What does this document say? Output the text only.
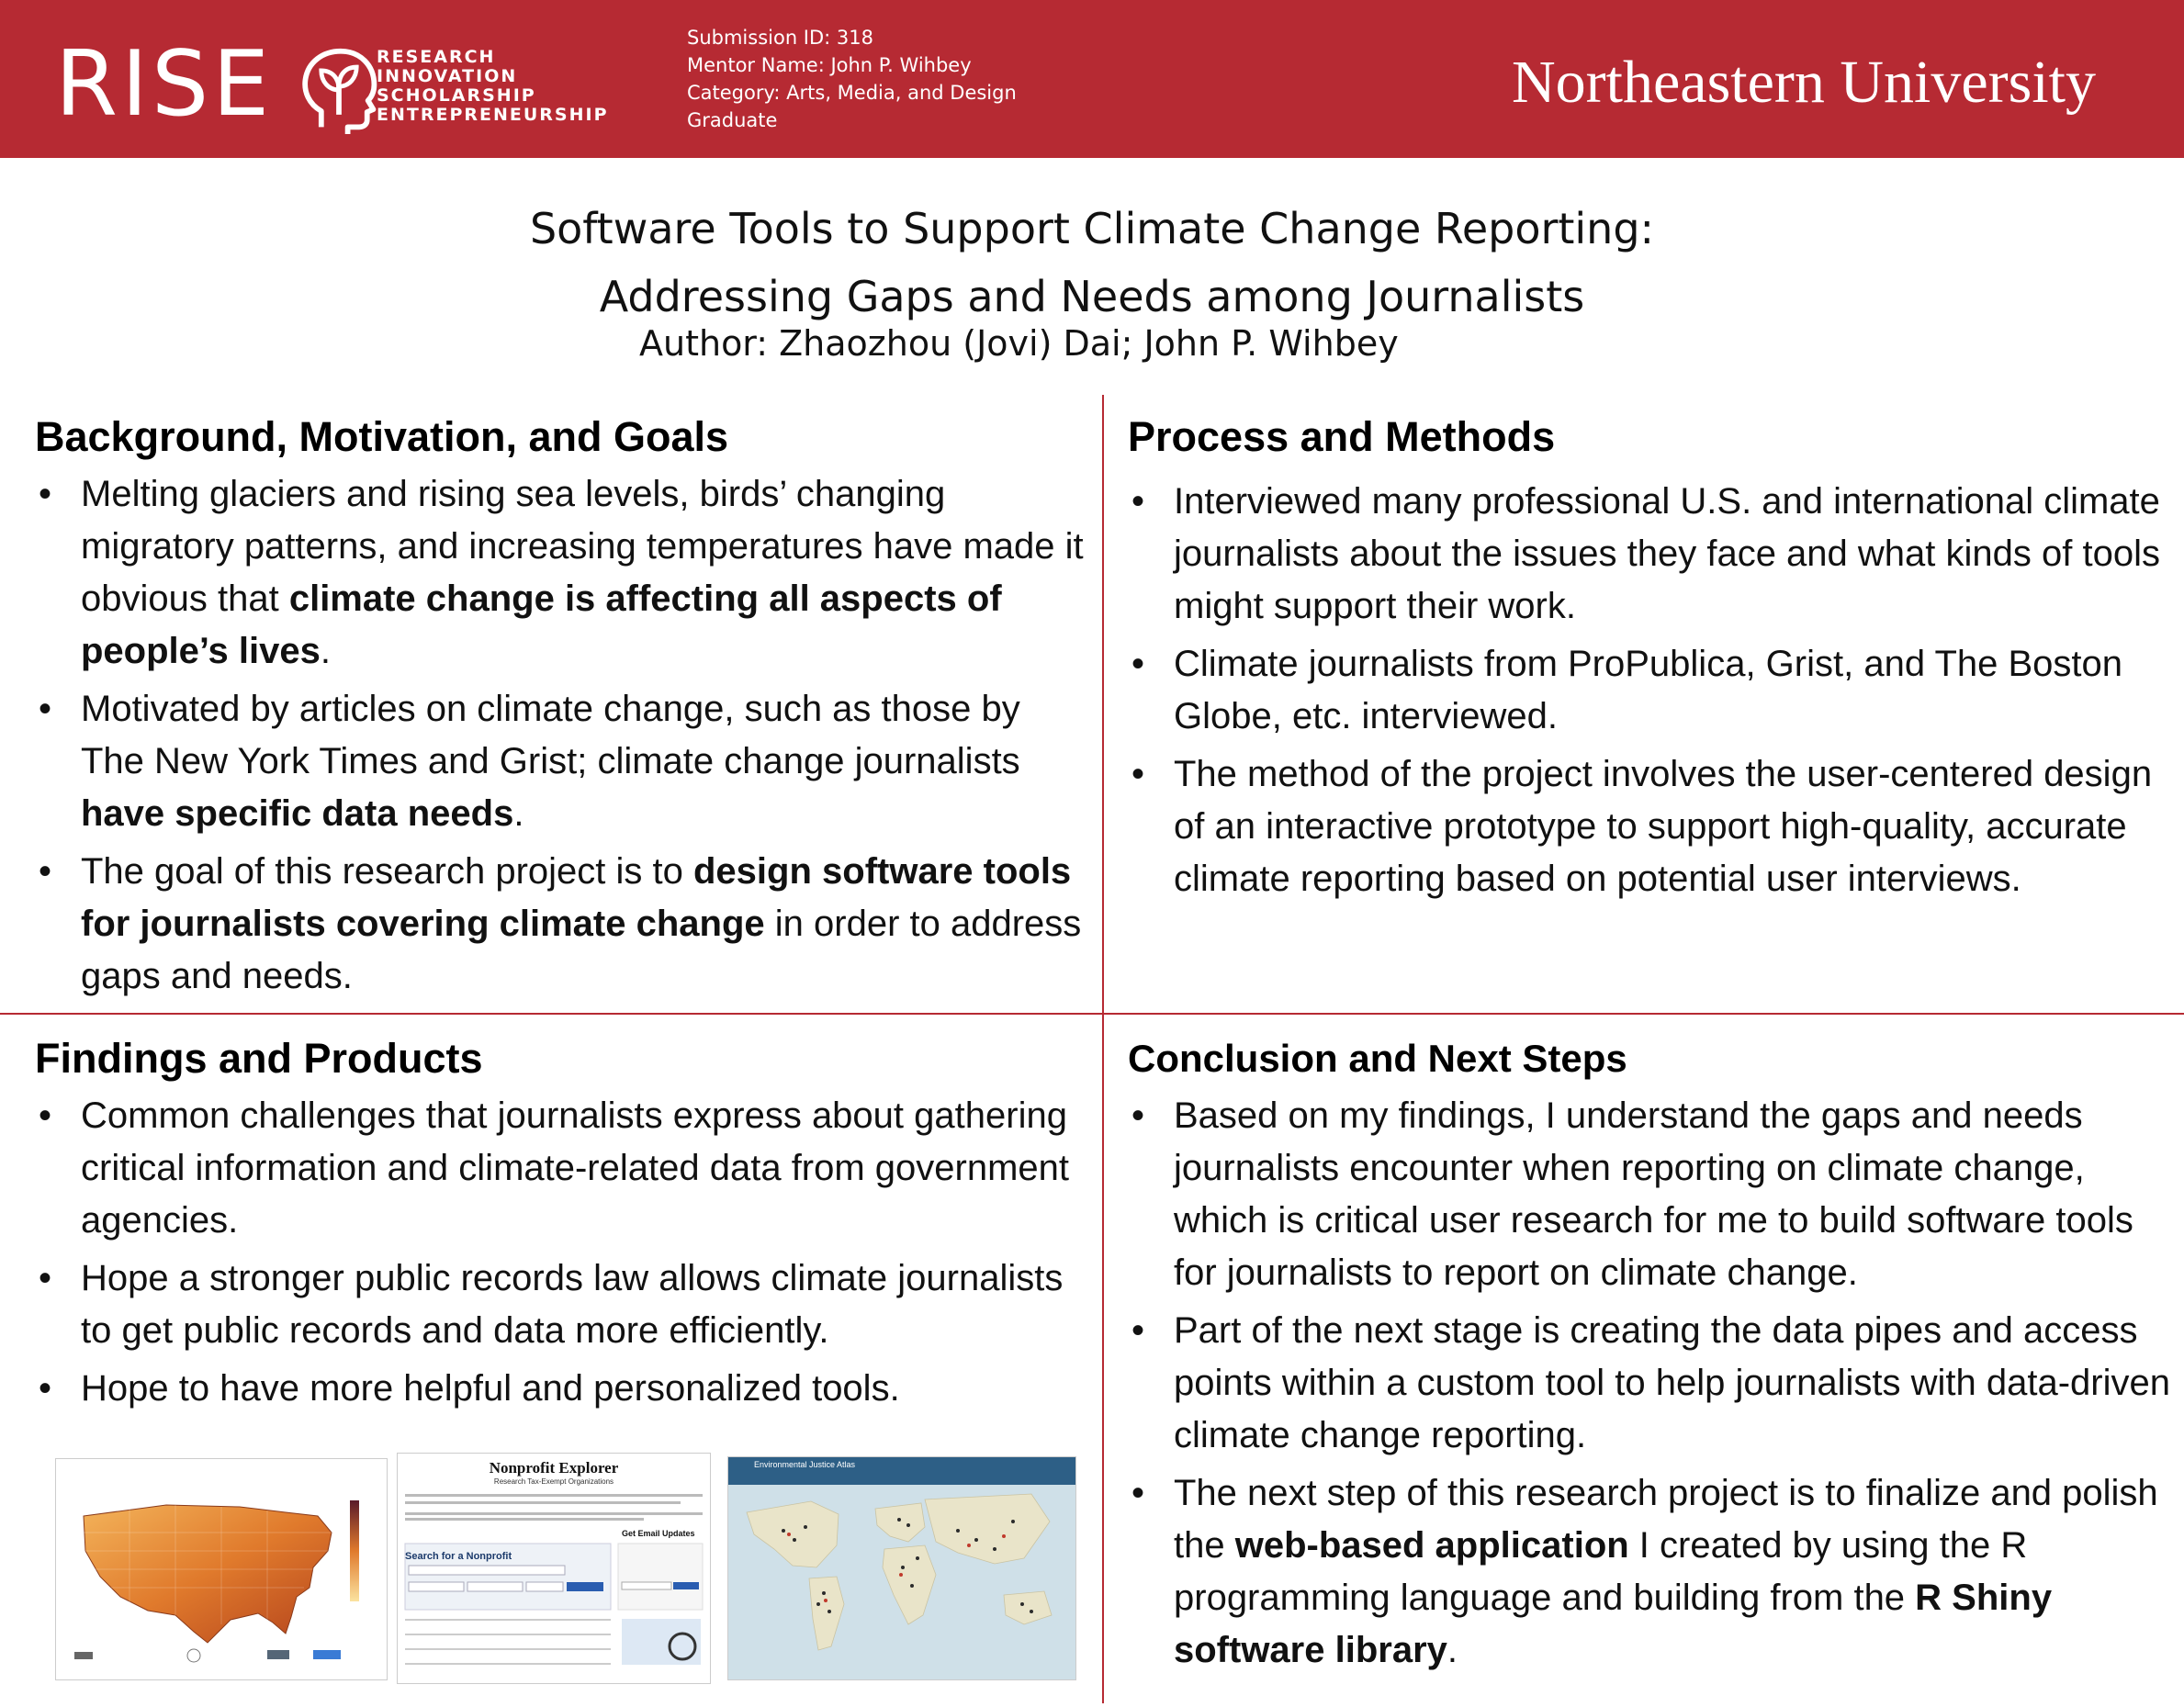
RISE	RESEARCH
INNOVATION
SCHOLARSHIP
ENTREPRENEURSHIP
Submission ID: 318
Mentor Name: John P. Wihbey
Category: Arts, Media, and Design
Graduate
Northeastern University
Software Tools to Support Climate Change Reporting:
Addressing Gaps and Needs among Journalists
Author: Zhaozhou (Jovi) Dai; John P. Wihbey
Background, Motivation, and Goals
• Melting glaciers and rising sea levels, birds’ changing migratory patterns, and increasing temperatures have made it obvious that climate change is affecting all aspects of people’s lives.
• Motivated by articles on climate change, such as those by The New York Times and Grist; climate change journalists have specific data needs.
• The goal of this research project is to design software tools for journalists covering climate change in order to address gaps and needs.
Process and Methods
• Interviewed many professional U.S. and international climate journalists about the issues they face and what kinds of tools might support their work.
• Climate journalists from ProPublica, Grist, and The Boston Globe, etc. interviewed.
• The method of the project involves the user-centered design of an interactive prototype to support high-quality, accurate climate reporting based on potential user interviews.
Findings and Products
• Common challenges that journalists express about gathering critical information and climate-related data from government agencies.
• Hope a stronger public records law allows climate journalists to get public records and data more efficiently.
• Hope to have more helpful and personalized tools.
Conclusion and Next Steps
• Based on my findings, I understand the gaps and needs journalists encounter when reporting on climate change, which is critical user research for me to build software tools for journalists to report on climate change.
• Part of the next stage is creating the data pipes and access points within a custom tool to help journalists with data-driven climate change reporting.
• The next step of this research project is to finalize and polish the web-based application I created by using the R programming language and building from the R Shiny software library.
Nonprofit Explorer
Research Tax-Exempt Organizations
Search for a Nonprofit
Get Email Updates
Environmental Justice Atlas
